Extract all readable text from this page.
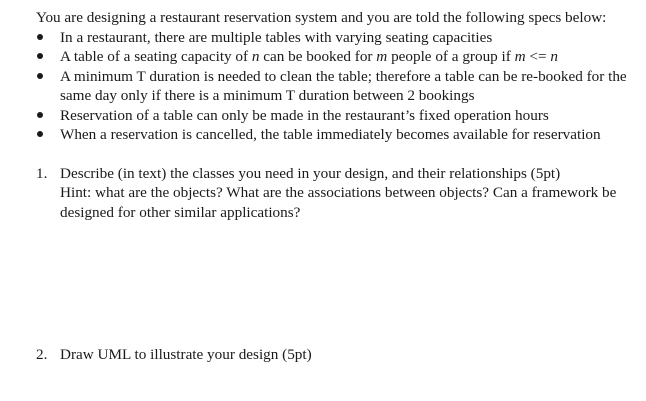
You are designing a restaurant reservation system and you are told the following specs below:
In a restaurant, there are multiple tables with varying seating capacities
A table of a seating capacity of n can be booked for m people of a group if m <= n
A minimum T duration is needed to clean the table; therefore a table can be re-booked for the same day only if there is a minimum T duration between 2 bookings
Reservation of a table can only be made in the restaurant’s fixed operation hours
When a reservation is cancelled, the table immediately becomes available for reservation
1. Describe (in text) the classes you need in your design, and their relationships (5pt)
Hint: what are the objects? What are the associations between objects? Can a framework be designed for other similar applications?
2. Draw UML to illustrate your design (5pt)
